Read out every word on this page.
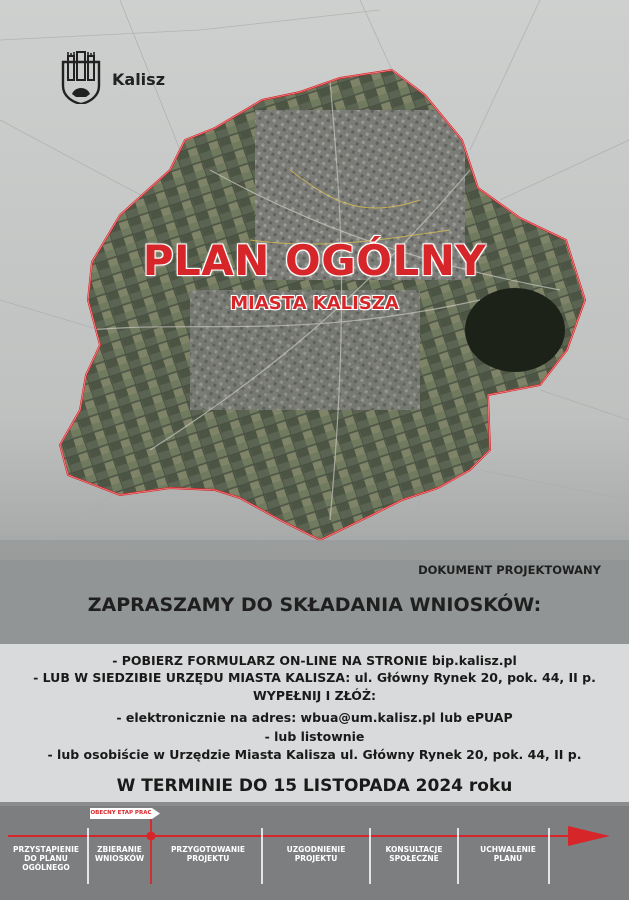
Kalisz
PLAN OGÓLNY
MIASTA KALISZA
DOKUMENT PROJEKTOWANY
ZAPRASZAMY DO SKŁADANIA WNIOSKÓW:
- POBIERZ FORMULARZ ON-LINE NA STRONIE bip.kalisz.pl
- LUB W SIEDZIBIE URZĘDU MIASTA KALISZA: ul. Główny Rynek 20, pok. 44, II p.
WYPEŁNIJ I ZŁÓŻ:
- elektronicznie na adres: wbua@um.kalisz.pl lub ePUAP
- lub listownie
- lub osobiście w Urzędzie Miasta Kalisza ul. Główny Rynek 20, pok. 44, II p.
W TERMINIE DO 15 LISTOPADA 2024 roku
OBECNY ETAP PRAC
PRZYSTĄPIENIE
DO PLANU
OGÓLNEGO
ZBIERANIE
WNIOSKÓW
PRZYGOTOWANIE
PROJEKTU
UZGODNIENIE
PROJEKTU
KONSULTACJE
SPOŁECZNE
UCHWALENIE
PLANU
